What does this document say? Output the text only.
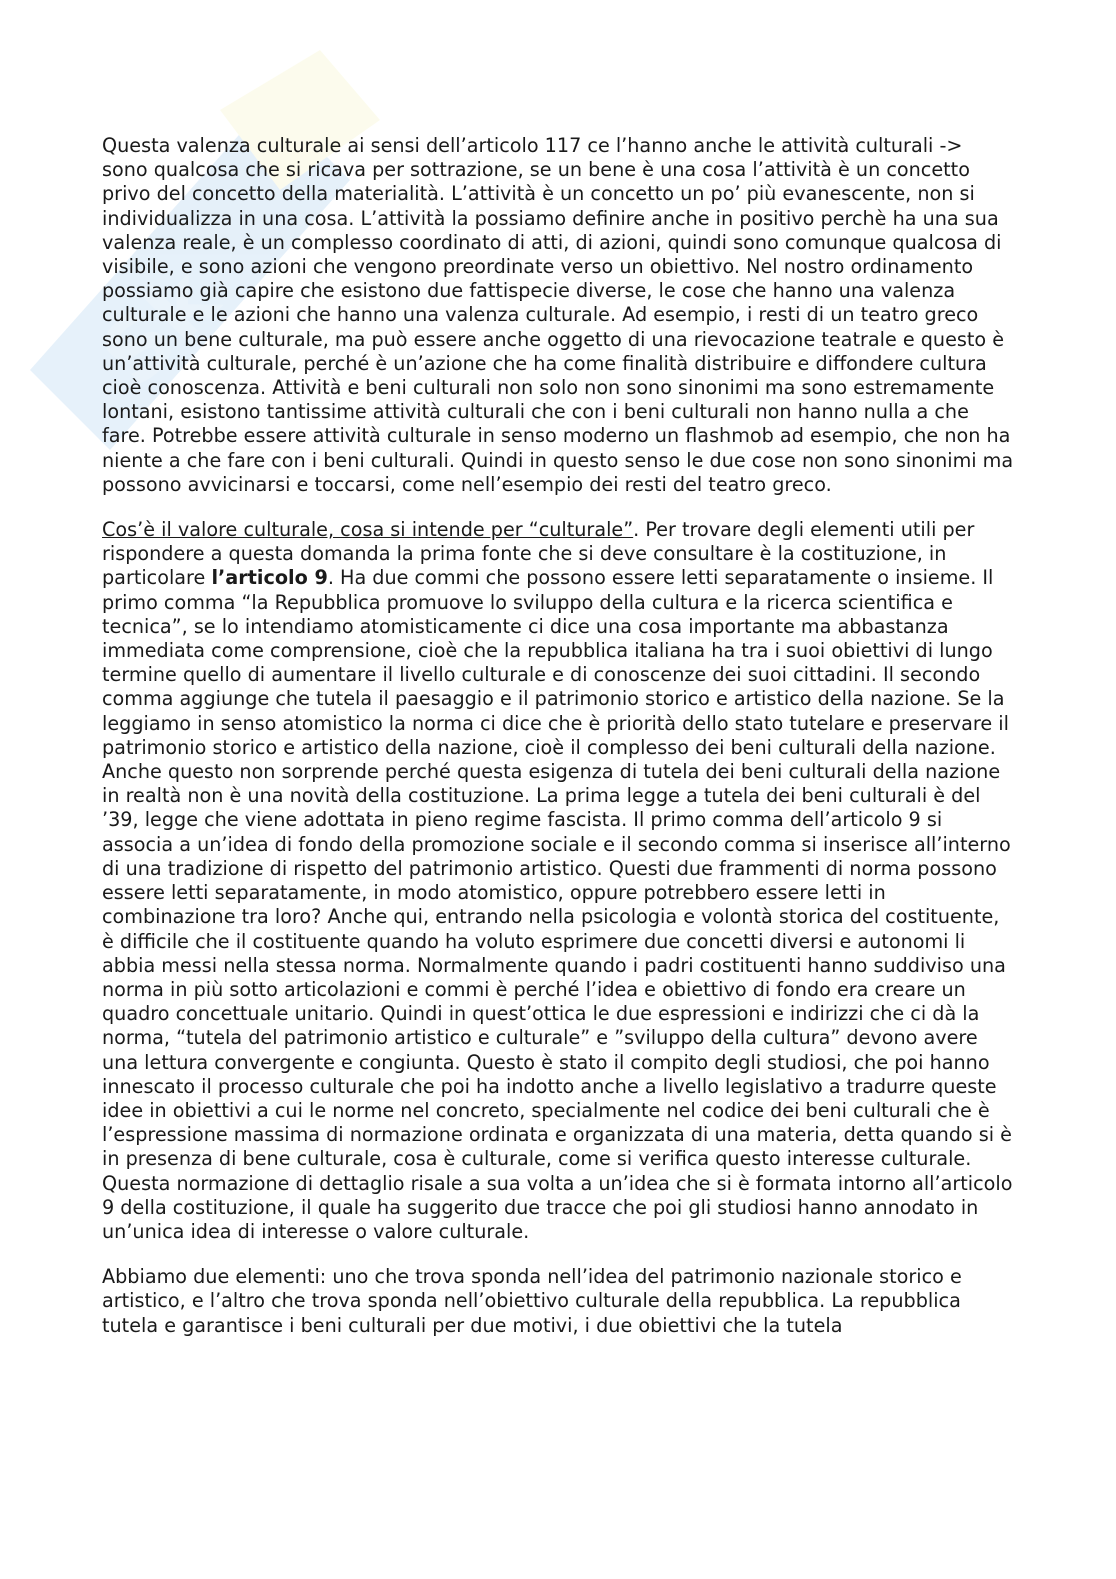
Sk

Questa valenza culturale ai sensi dell’articolo 117 ce l’hanno anche le attività culturali -> sono qualcosa che si ricava per sottrazione, se un bene è una cosa l’attività è un concetto privo del concetto della materialità. L’attività è un concetto un po’ più evanescente, non si individualizza in una cosa. L’attività la possiamo definire anche in positivo perchè ha una sua valenza reale, è un complesso coordinato di atti, di azioni, quindi sono comunque qualcosa di visibile, e sono azioni che vengono preordinate verso un obiettivo. Nel nostro ordinamento possiamo già capire che esistono due fattispecie diverse, le cose che hanno una valenza culturale e le azioni che hanno una valenza culturale. Ad esempio, i resti di un teatro greco sono un bene culturale, ma può essere anche oggetto di una rievocazione teatrale e questo è un’attività culturale, perché è un’azione che ha come finalità distribuire e diffondere cultura cioè conoscenza. Attività e beni culturali non solo non sono sinonimi ma sono estremamente lontani, esistono tantissime attività culturali che con i beni culturali non hanno nulla a che fare. Potrebbe essere attività culturale in senso moderno un flashmob ad esempio, che non ha niente a che fare con i beni culturali. Quindi in questo senso le due cose non sono sinonimi ma possono avvicinarsi e toccarsi, come nell’esempio dei resti del teatro greco.

Cos’è il valore culturale, cosa si intende per “culturale”. Per trovare degli elementi utili per rispondere a questa domanda la prima fonte che si deve consultare è la costituzione, in particolare l’articolo 9. Ha due commi che possono essere letti separatamente o insieme. Il primo comma “la Repubblica promuove lo sviluppo della cultura e la ricerca scientifica e tecnica”, se lo intendiamo atomisticamente ci dice una cosa importante ma abbastanza immediata come comprensione, cioè che la repubblica italiana ha tra i suoi obiettivi di lungo termine quello di aumentare il livello culturale e di conoscenze dei suoi cittadini. Il secondo comma aggiunge che tutela il paesaggio e il patrimonio storico e artistico della nazione. Se la leggiamo in senso atomistico la norma ci dice che è priorità dello stato tutelare e preservare il patrimonio storico e artistico della nazione, cioè il complesso dei beni culturali della nazione. Anche questo non sorprende perché questa esigenza di tutela dei beni culturali della nazione in realtà non è una novità della costituzione. La prima legge a tutela dei beni culturali è del ’39, legge che viene adottata in pieno regime fascista. Il primo comma dell’articolo 9 si associa a un’idea di fondo della promozione sociale e il secondo comma si inserisce all’interno di una tradizione di rispetto del patrimonio artistico. Questi due frammenti di norma possono essere letti separatamente, in modo atomistico, oppure potrebbero essere letti in combinazione tra loro? Anche qui, entrando nella psicologia e volontà storica del costituente, è difficile che il costituente quando ha voluto esprimere due concetti diversi e autonomi li abbia messi nella stessa norma. Normalmente quando i padri costituenti hanno suddiviso una norma in più sotto articolazioni e commi è perché l’idea e obiettivo di fondo era creare un quadro concettuale unitario. Quindi in quest’ottica le due espressioni e indirizzi che ci dà la norma, “tutela del patrimonio artistico e culturale” e ”sviluppo della cultura” devono avere una lettura convergente e congiunta. Questo è stato il compito degli studiosi, che poi hanno innescato il processo culturale che poi ha indotto anche a livello legislativo a tradurre queste idee in obiettivi a cui le norme nel concreto, specialmente nel codice dei beni culturali che è l’espressione massima di normazione ordinata e organizzata di una materia, detta quando si è in presenza di bene culturale, cosa è culturale, come si verifica questo interesse culturale. Questa normazione di dettaglio risale a sua volta a un’idea che si è formata intorno all’articolo 9 della costituzione, il quale ha suggerito due tracce che poi gli studiosi hanno annodato in un’unica idea di interesse o valore culturale.

Abbiamo due elementi: uno che trova sponda nell’idea del patrimonio nazionale storico e artistico, e l’altro che trova sponda nell’obiettivo culturale della repubblica. La repubblica tutela e garantisce i beni culturali per due motivi, i due obiettivi che la tutela
